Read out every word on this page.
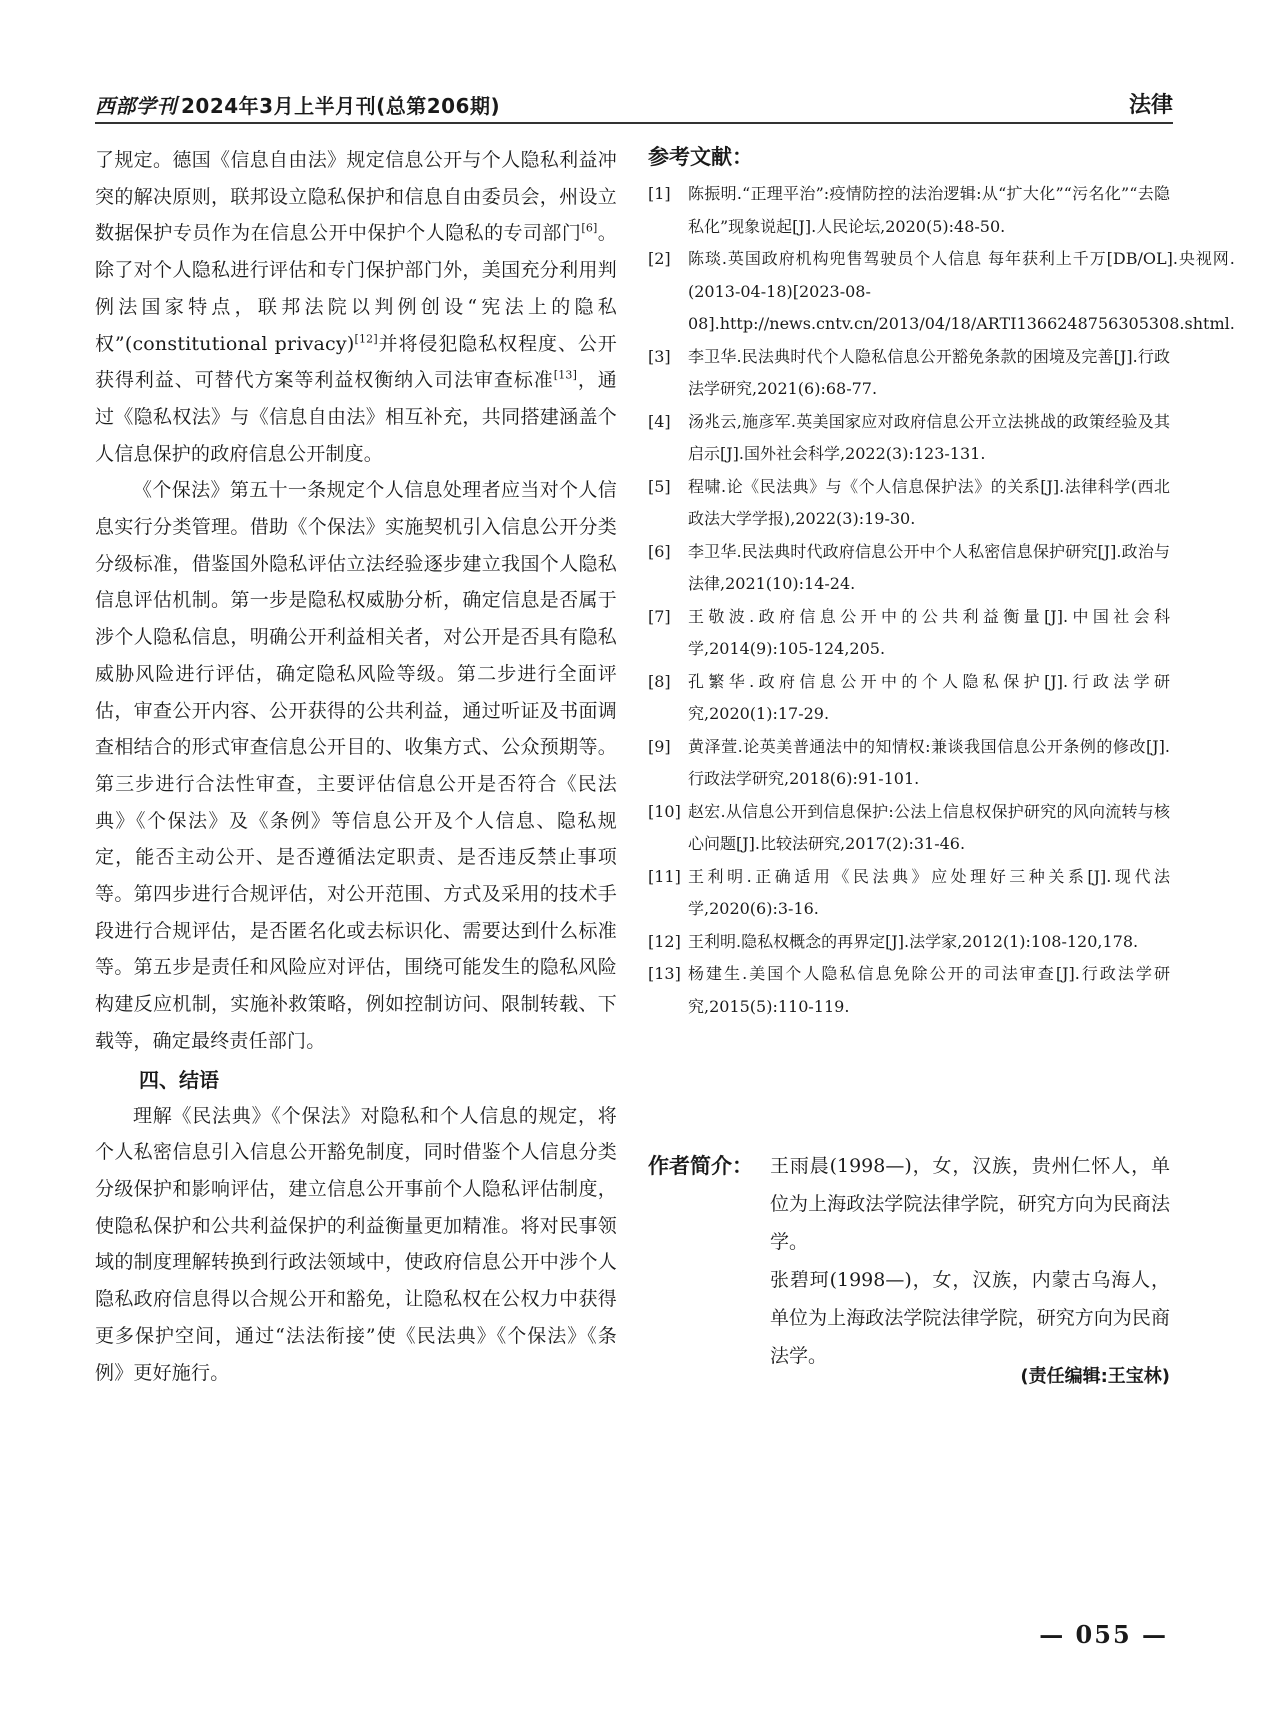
西部学刊 2024年3月上半月刊(总第206期)	法律

了规定。德国《信息自由法》规定信息公开与个人隐私利益冲突的解决原则，联邦设立隐私保护和信息自由委员会，州设立数据保护专员作为在信息公开中保护个人隐私的专司部门[6]。除了对个人隐私进行评估和专门保护部门外，美国充分利用判例法国家特点，联邦法院以判例创设“宪法上的隐私权”(constitutional privacy)[12]并将侵犯隐私权程度、公开获得利益、可替代方案等利益权衡纳入司法审查标准[13]，通过《隐私权法》与《信息自由法》相互补充，共同搭建涵盖个人信息保护的政府信息公开制度。

《个保法》第五十一条规定个人信息处理者应当对个人信息实行分类管理。借助《个保法》实施契机引入信息公开分类分级标准，借鉴国外隐私评估立法经验逐步建立我国个人隐私信息评估机制。第一步是隐私权威胁分析，确定信息是否属于涉个人隐私信息，明确公开利益相关者，对公开是否具有隐私威胁风险进行评估，确定隐私风险等级。第二步进行全面评估，审查公开内容、公开获得的公共利益，通过听证及书面调查相结合的形式审查信息公开目的、收集方式、公众预期等。第三步进行合法性审查，主要评估信息公开是否符合《民法典》《个保法》及《条例》等信息公开及个人信息、隐私规定，能否主动公开、是否遵循法定职责、是否违反禁止事项等。第四步进行合规评估，对公开范围、方式及采用的技术手段进行合规评估，是否匿名化或去标识化、需要达到什么标准等。第五步是责任和风险应对评估，围绕可能发生的隐私风险构建反应机制，实施补救策略，例如控制访问、限制转载、下载等，确定最终责任部门。

四、结语

理解《民法典》《个保法》对隐私和个人信息的规定，将个人私密信息引入信息公开豁免制度，同时借鉴个人信息分类分级保护和影响评估，建立信息公开事前个人隐私评估制度，使隐私保护和公共利益保护的利益衡量更加精准。将对民事领域的制度理解转换到行政法领域中，使政府信息公开中涉个人隐私政府信息得以合规公开和豁免，让隐私权在公权力中获得更多保护空间，通过“法法衔接”使《民法典》《个保法》《条例》更好施行。

参考文献：
[1]	陈振明.“正理平治”:疫情防控的法治逻辑:从“扩大化”“污名化”“去隐私化”现象说起[J].人民论坛,2020(5):48-50.
[2]	陈琰.英国政府机构兜售驾驶员个人信息 每年获利上千万[DB/OL].央视网.(2013-04-18)[2023-08-08].http://news.cntv.cn/2013/04/18/ARTI1366248756305308.shtml.
[3]	李卫华.民法典时代个人隐私信息公开豁免条款的困境及完善[J].行政法学研究,2021(6):68-77.
[4]	汤兆云,施彦军.英美国家应对政府信息公开立法挑战的政策经验及其启示[J].国外社会科学,2022(3):123-131.
[5]	程啸.论《民法典》与《个人信息保护法》的关系[J].法律科学(西北政法大学学报),2022(3):19-30.
[6]	李卫华.民法典时代政府信息公开中个人私密信息保护研究[J].政治与法律,2021(10):14-24.
[7]	王敬波.政府信息公开中的公共利益衡量[J].中国社会科学,2014(9):105-124,205.
[8]	孔繁华.政府信息公开中的个人隐私保护[J].行政法学研究,2020(1):17-29.
[9]	黄泽萱.论英美普通法中的知情权:兼谈我国信息公开条例的修改[J].行政法学研究,2018(6):91-101.
[10] 赵宏.从信息公开到信息保护:公法上信息权保护研究的风向流转与核心问题[J].比较法研究,2017(2):31-46.
[11] 王利明.正确适用《民法典》应处理好三种关系[J].现代法学,2020(6):3-16.
[12] 王利明.隐私权概念的再界定[J].法学家,2012(1):108-120,178.
[13] 杨建生.美国个人隐私信息免除公开的司法审查[J].行政法学研究,2015(5):110-119.
作者简介： 王雨晨(1998—)，女，汉族，贵州仁怀人，单位为上海政法学院法律学院，研究方向为民商法学。

张碧珂(1998—)，女，汉族，内蒙古乌海人，单位为上海政法学院法律学院，研究方向为民商法学。

(责任编辑:王宝林)
— 055 —
